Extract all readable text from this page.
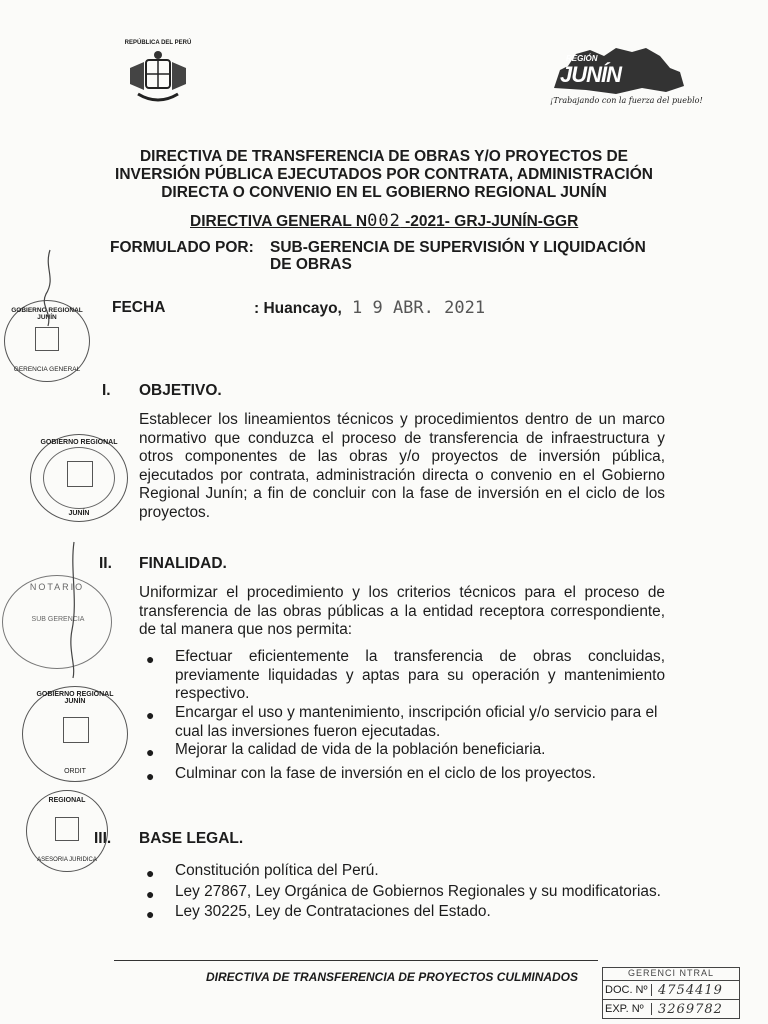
REPÚBLICA DEL PERÚ
REGIÓN
JUNÍN
¡Trabajando con la fuerza del pueblo!
DIRECTIVA DE TRANSFERENCIA DE OBRAS Y/O PROYECTOS DE
INVERSIÓN PÚBLICA EJECUTADOS POR CONTRATA, ADMINISTRACIÓN
DIRECTA O CONVENIO EN EL GOBIERNO REGIONAL JUNÍN
DIRECTIVA GENERAL N002 -2021- GRJ-JUNÍN-GGR
FORMULADO POR: SUB-GERENCIA DE SUPERVISIÓN Y LIQUIDACIÓN
DE OBRAS
FECHA	: Huancayo, 1 9 ABR. 2021
I. OBJETIVO.
Establecer los lineamientos técnicos y procedimientos dentro de un marco
normativo que conduzca el proceso de transferencia de infraestructura y
otros componentes de las obras y/o proyectos de inversión pública,
ejecutados por contrata, administración directa o convenio en el Gobierno
Regional Junín; a fin de concluir con la fase de inversión en el ciclo de los
proyectos.
II. FINALIDAD.
Uniformizar el procedimiento y los criterios técnicos para el proceso de
transferencia de las obras públicas a la entidad receptora correspondiente,
de tal manera que nos permita:
● Efectuar eficientemente la transferencia de obras concluidas,
previamente liquidadas y aptas para su operación y mantenimiento
respectivo.
● Encargar el uso y mantenimiento, inscripción oficial y/o servicio para el
cual las inversiones fueron ejecutadas.
● Mejorar la calidad de vida de la población beneficiaria.
● Culminar con la fase de inversión en el ciclo de los proyectos.
III. BASE LEGAL.
● Constitución política del Perú.
● Ley 27867, Ley Orgánica de Gobiernos Regionales y su modificatorias.
● Ley 30225, Ley de Contrataciones del Estado.
GOBIERNO REGIONAL JUNÍN
GERENCIA GENERAL
GOBIERNO REGIONAL
JUNÍN
NOTARIO
SUB GERENCIA
GOBIERNO REGIONAL JUNÍN
ORDIT
REGIONAL
ASESORIA JURIDICA
DIRECTIVA DE TRANSFERENCIA DE PROYECTOS CULMINADOS	GERENCI NTRAL
DOC. Nº 4754419
EXP. Nº	3269782
